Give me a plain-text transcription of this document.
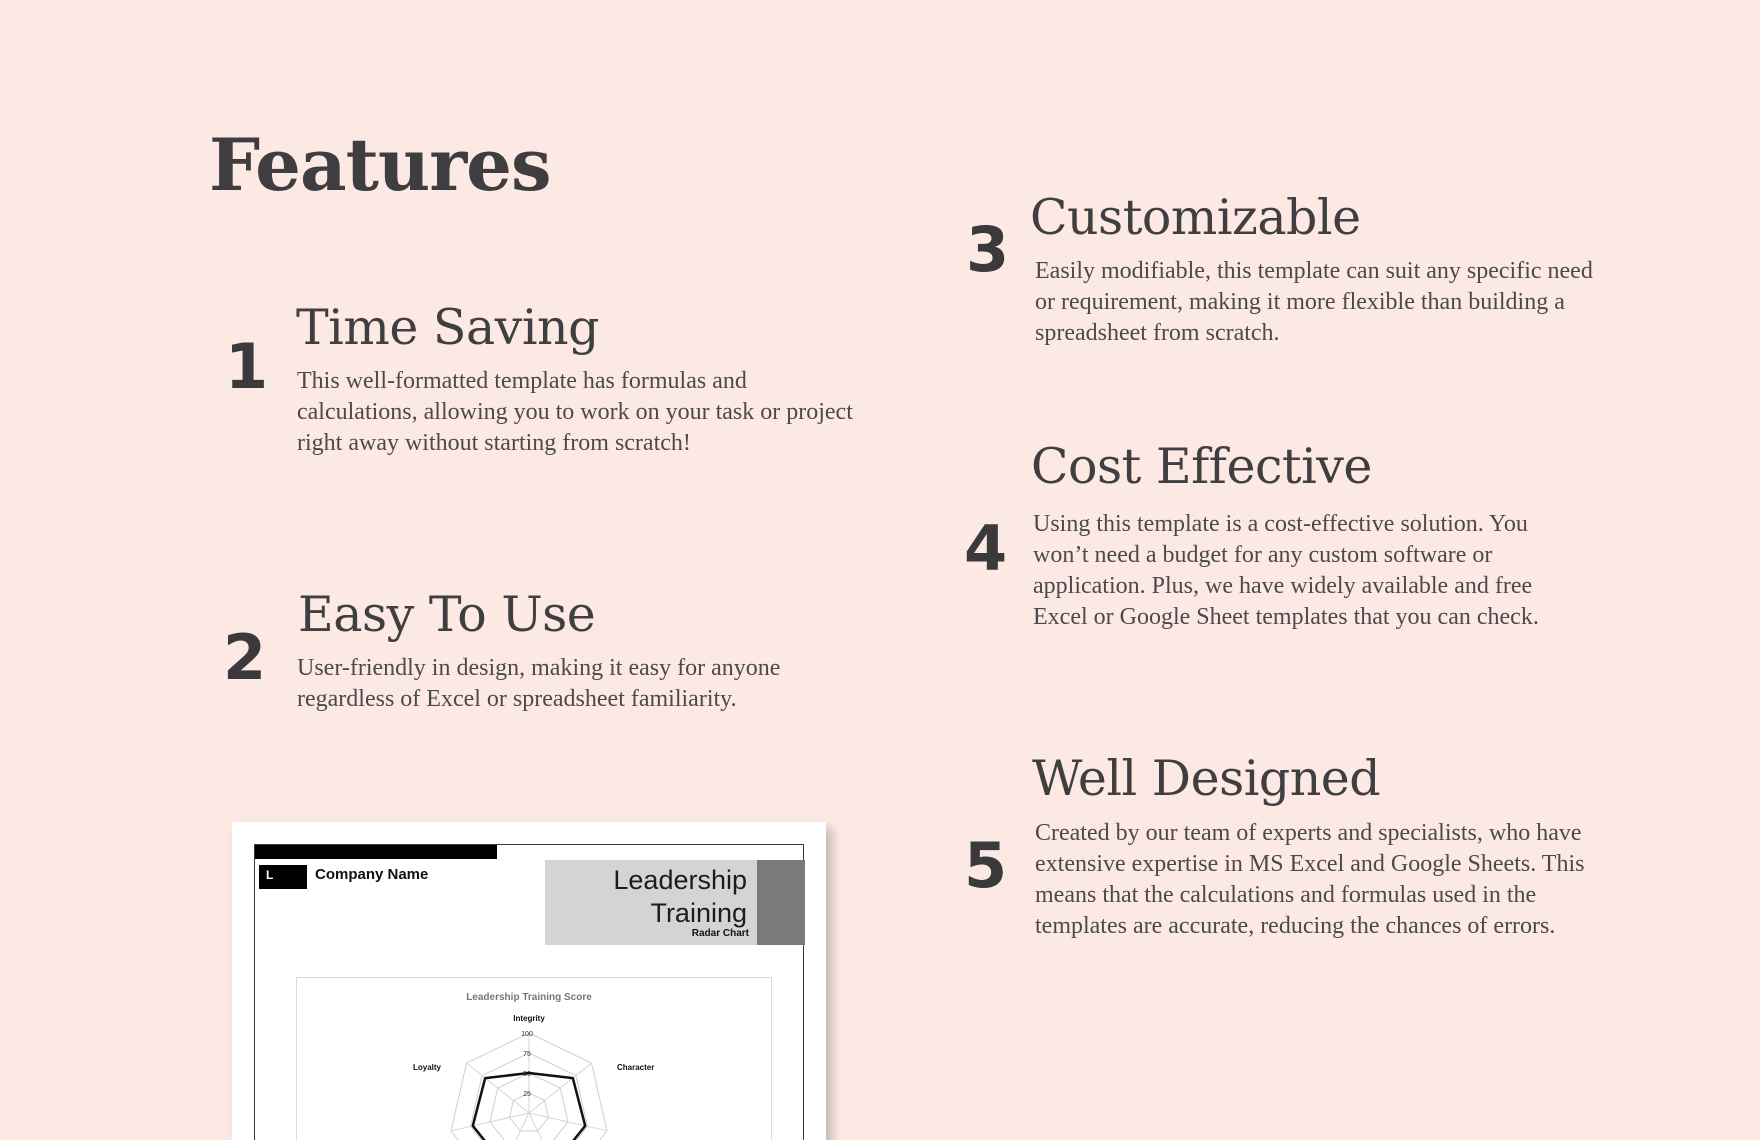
Features
1
Time Saving
This well-formatted template has formulas and calculations, allowing you to work on your task or project right away without starting from scratch!
2
Easy To Use
User-friendly in design, making it easy for anyone regardless of Excel or spreadsheet familiarity.
3 Customizable
Easily modifiable, this template can suit any specific need or requirement, making it more flexible than building a spreadsheet from scratch.
4
Cost Effective
Using this template is a cost-effective solution. You won’t need a budget for any custom software or application. Plus, we have widely available and free Excel or Google Sheet templates that you can check.
5
Well Designed
Created by our team of experts and specialists, who have extensive expertise in MS Excel and Google Sheets. This means that the calculations and formulas used in the templates are accurate, reducing the chances of errors.
L	Company Name	Leadership
Training
Radar Chart
Leadership Training Score
100
75
50
25
Integrity
Character
Loyalty
